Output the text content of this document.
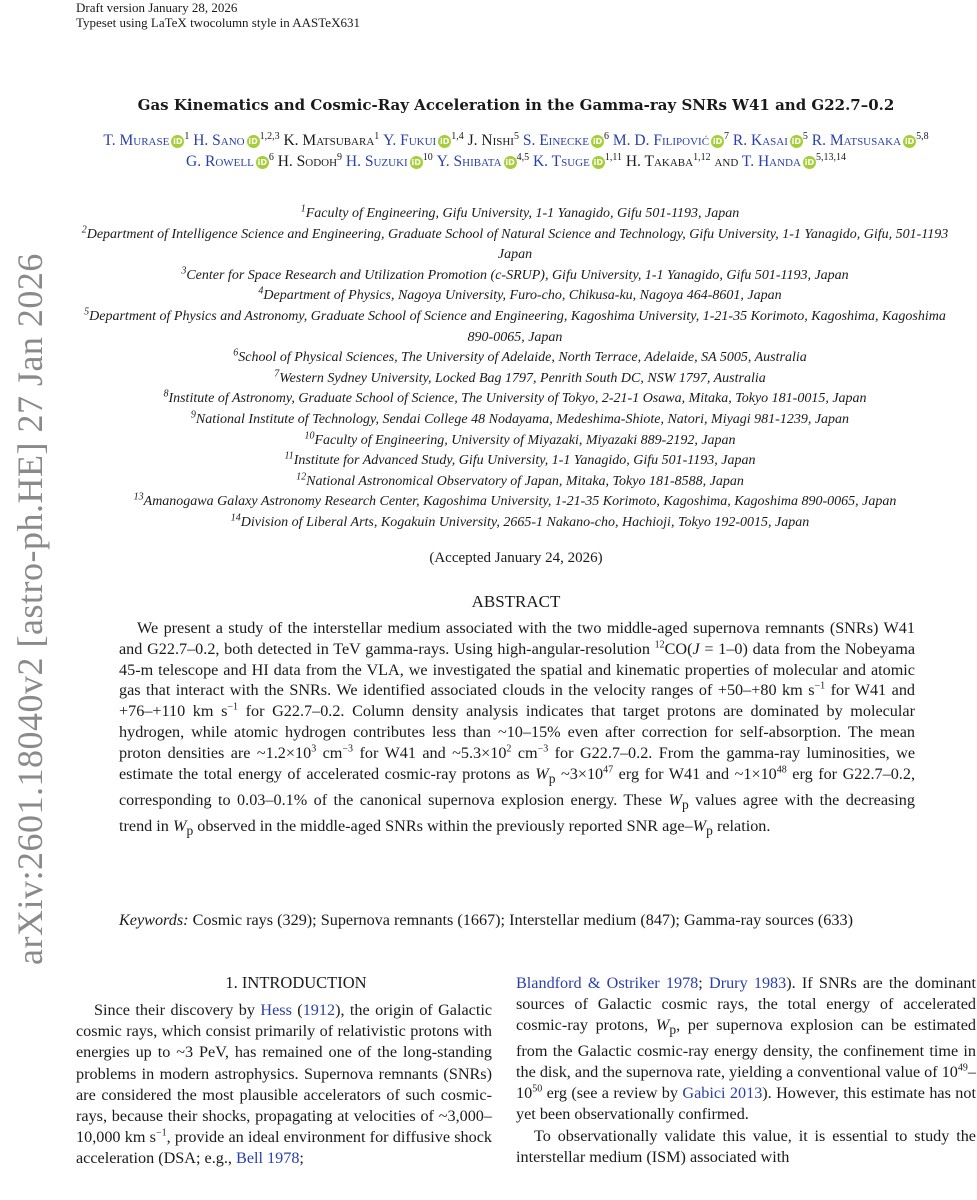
Draft version January 28, 2026
Typeset using LaTeX twocolumn style in AASTeX631
arXiv:2601.18040v2 [astro-ph.HE] 27 Jan 2026
Gas Kinematics and Cosmic-Ray Acceleration in the Gamma-ray SNRs W41 and G22.7–0.2
T. Murase iD $^1$ H. Sano iD $^{1,2,3}$ K. Matsubara$^1$ Y. Fukui iD $^{1,4}$ J. Nishi$^5$ S. Einecke iD $^6$ M. D. Filipović iD $^7$ R. Kasai iD $^5$ R. Matsusaka iD $^{5,8}$ G. Rowell iD $^6$ H. Sodoh$^9$ H. Suzuki iD $^{10}$ Y. Shibata iD $^{4,5}$ K. Tsuge iD $^{1,11}$ H. Takaba$^{1,12}$ and T. Handa iD $^{5,13,14}$
$^1$Faculty of Engineering, Gifu University, 1-1 Yanagido, Gifu 501-1193, Japan
$^2$Department of Intelligence Science and Engineering, Graduate School of Natural Science and Technology, Gifu University, 1-1 Yanagido, Gifu, 501-1193 Japan
$^3$Center for Space Research and Utilization Promotion (c-SRUP), Gifu University, 1-1 Yanagido, Gifu 501-1193, Japan
$^4$Department of Physics, Nagoya University, Furo-cho, Chikusa-ku, Nagoya 464-8601, Japan
$^5$Department of Physics and Astronomy, Graduate School of Science and Engineering, Kagoshima University, 1-21-35 Korimoto, Kagoshima, Kagoshima 890-0065, Japan
$^6$School of Physical Sciences, The University of Adelaide, North Terrace, Adelaide, SA 5005, Australia
$^7$Western Sydney University, Locked Bag 1797, Penrith South DC, NSW 1797, Australia
$^8$Institute of Astronomy, Graduate School of Science, The University of Tokyo, 2-21-1 Osawa, Mitaka, Tokyo 181-0015, Japan
$^9$National Institute of Technology, Sendai College 48 Nodayama, Medeshima-Shiote, Natori, Miyagi 981-1239, Japan
$^{10}$Faculty of Engineering, University of Miyazaki, Miyazaki 889-2192, Japan
$^{11}$Institute for Advanced Study, Gifu University, 1-1 Yanagido, Gifu 501-1193, Japan
$^{12}$National Astronomical Observatory of Japan, Mitaka, Tokyo 181-8588, Japan
$^{13}$Amanogawa Galaxy Astronomy Research Center, Kagoshima University, 1-21-35 Korimoto, Kagoshima, Kagoshima 890-0065, Japan
$^{14}$Division of Liberal Arts, Kogakuin University, 2665-1 Nakano-cho, Hachioji, Tokyo 192-0015, Japan
(Accepted January 24, 2026)
ABSTRACT

We present a study of the interstellar medium associated with the two middle-aged supernova remnants (SNRs) W41 and G22.7–0.2, both detected in TeV gamma-rays. Using high-angular-resolution $^{12}$CO(J = 1–0) data from the Nobeyama 45-m telescope and HI data from the VLA, we investigated the spatial and kinematic properties of molecular and atomic gas that interact with the SNRs. We identified associated clouds in the velocity ranges of +50–+80 km $s^{-1}$ for W41 and +76–+110 km $s^{-1}$ for G22.7–0.2. Column density analysis indicates that target protons are dominated by molecular hydrogen, while atomic hydrogen contributes less than ~10–15% even after correction for self-absorption. The mean proton densities are $\sim 1.2\times 10^3$ $cm^{-3}$ for W41 and $\sim 5.3\times 10^2$ $cm^{-3}$ for G22.7–0.2. From the gamma-ray luminosities, we estimate the total energy of accelerated cosmic-ray protons as $W_p$ $\sim 3\times 10^{47}$ erg for W41 and $\sim 1\times 10^{48}$ erg for G22.7–0.2, corresponding to 0.03–0.1% of the canonical supernova explosion energy. These $W_p$ values agree with the decreasing trend in $W_p$ observed in the middle-aged SNRs within the previously reported SNR age–$W_p$ relation.

Keywords: Cosmic rays (329); Supernova remnants (1667); Interstellar medium (847); Gamma-ray sources (633)

1. INTRODUCTION

Since their discovery by Hess (1912), the origin of Galactic cosmic rays, which consist primarily of relativistic protons with energies up to ~3 PeV, has remained one of the long-standing problems in modern astrophysics. Supernova remnants (SNRs) are considered the most plausible accelerators of such cosmic-rays, because their shocks, propagating at velocities of ~3,000–10,000 km $s^{-1}$, provide an ideal environment for diffusive shock acceleration (DSA; e.g., Bell 1978;

Blandford & Ostriker 1978; Drury 1983). If SNRs are the dominant sources of Galactic cosmic rays, the total energy of accelerated cosmic-ray protons, $W_p$, per supernova explosion can be estimated from the Galactic cosmic-ray energy density, the confinement time in the disk, and the supernova rate, yielding a conventional value of $10^{49}-10^{50}$ erg (see a review by Gabici 2013). However, this estimate has not yet been observationally confirmed.

To observationally validate this value, it is essential to study the interstellar medium (ISM) associated with
